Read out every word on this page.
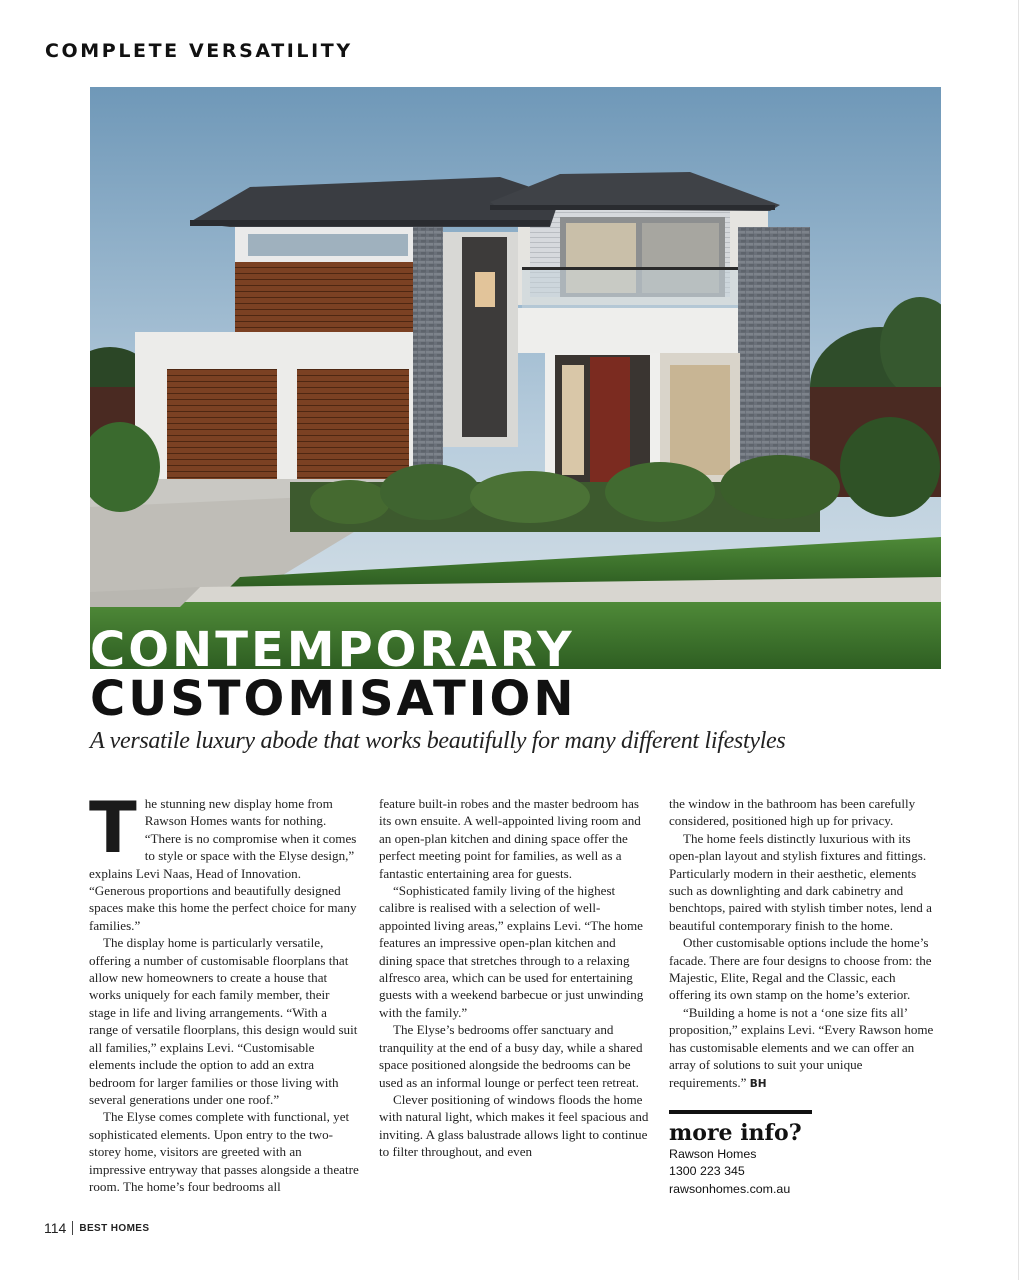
COMPLETE VERSATILITY
CONTEMPORARY
CUSTOMISATION

A versatile luxury abode that works beautifully for many different lifestyles

The stunning new display home from Rawson Homes wants for nothing. “There is no compromise when it comes to style or space with the Elyse design,” explains Levi Naas, Head of Innovation. “Generous proportions and beautifully designed spaces make this home the perfect choice for many families.”

The display home is particularly versatile, offering a number of customisable floorplans that allow new homeowners to create a house that works uniquely for each family member, their stage in life and living arrangements. “With a range of versatile floorplans, this design would suit all families,” explains Levi. “Customisable elements include the option to add an extra bedroom for larger families or those living with several generations under one roof.”

The Elyse comes complete with functional, yet sophisticated elements. Upon entry to the two-storey home, visitors are greeted with an impressive entryway that passes alongside a theatre room. The home’s four bedrooms all

feature built-in robes and the master bedroom has its own ensuite. A well-appointed living room and an open-plan kitchen and dining space offer the perfect meeting point for families, as well as a fantastic entertaining area for guests.

“Sophisticated family living of the highest calibre is realised with a selection of well-appointed living areas,” explains Levi. “The home features an impressive open-plan kitchen and dining space that stretches through to a relaxing alfresco area, which can be used for entertaining guests with a weekend barbecue or just unwinding with the family.”

The Elyse’s bedrooms offer sanctuary and tranquility at the end of a busy day, while a shared space positioned alongside the bedrooms can be used as an informal lounge or perfect teen retreat.

Clever positioning of windows floods the home with natural light, which makes it feel spacious and inviting. A glass balustrade allows light to continue to filter throughout, and even

the window in the bathroom has been carefully considered, positioned high up for privacy.

The home feels distinctly luxurious with its open-plan layout and stylish fixtures and fittings. Particularly modern in their aesthetic, elements such as downlighting and dark cabinetry and benchtops, paired with stylish timber notes, lend a beautiful contemporary finish to the home.

Other customisable options include the home’s facade. There are four designs to choose from: the Majestic, Elite, Regal and the Classic, each offering its own stamp on the home’s exterior.

“Building a home is not a ‘one size fits all’ proposition,” explains Levi. “Every Rawson home has customisable elements and we can offer an array of solutions to suit your unique requirements.” BH

more info?
Rawson Homes
1300 223 345
rawsonhomes.com.au
114 BEST HOMES
